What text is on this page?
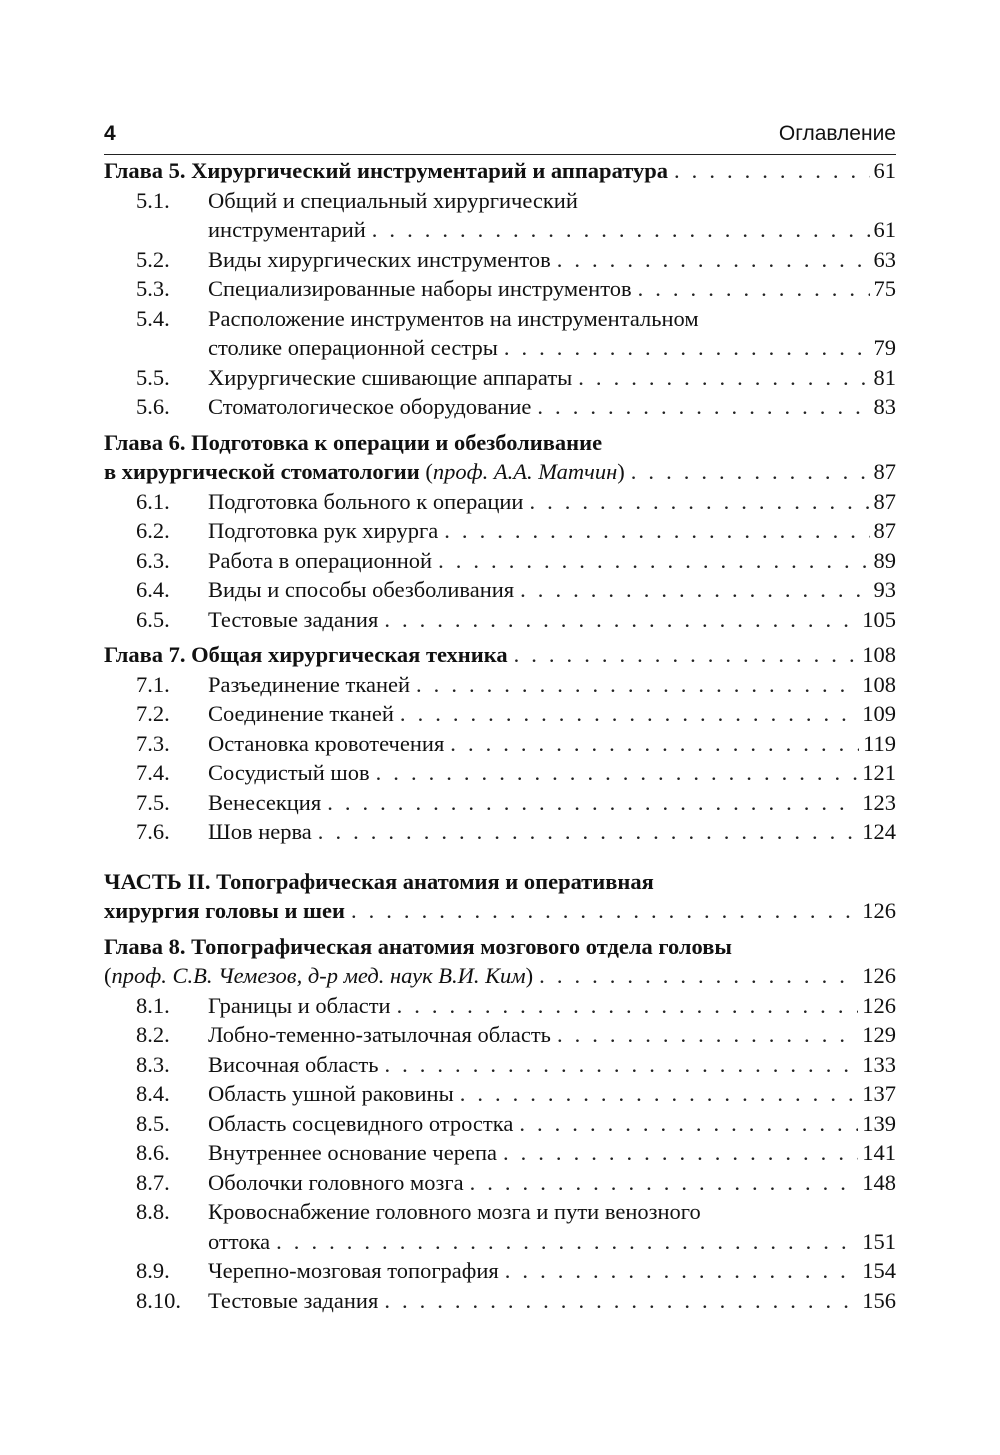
4	Оглавление
Глава 5. Хирургический инструментарий и аппаратура . . .	61
5.1.	Общий и специальный хирургический
инструментарий . . .	61
5.2.	Виды хирургических инструментов . . .	63
5.3.	Специализированные наборы инструментов . . .	75
5.4.	Расположение инструментов на инструментальном
столике операционной сестры . . .	79
5.5.	Хирургические сшивающие аппараты . . .	81
5.6.	Стоматологическое оборудование . . .	83
Глава 6. Подготовка к операции и обезболивание
в хирургической стоматологии ( проф. А.А. Матчин ) . . .	87
6.1.	Подготовка больного к операции . . .	87
6.2.	Подготовка рук хирурга . . .	87
6.3.	Работа в операционной . . .	89
6.4.	Виды и способы обезболивания . . .	93
6.5.	Тестовые задания . . .	105
Глава 7. Общая хирургическая техника . . .	108
7.1.	Разъединение тканей . . .	108
7.2.	Соединение тканей . . .	109
7.3.	Остановка кровотечения . . .	119
7.4.	Сосудистый шов . . .	121
7.5.	Венесекция . . .	123
7.6.	Шов нерва . . .	124
ЧАСТЬ II. Топографическая анатомия и оперативная
хирургия головы и шеи . . .	126
Глава 8. Топографическая анатомия мозгового отдела головы
( проф. С.В. Чемезов, д-р мед. наук В.И. Ким ) . . .	126
8.1.	Границы и области . . .	126
8.2.	Лобно-теменно-затылочная область . . .	129
8.3.	Височная область . . .	133
8.4.	Область ушной раковины . . .	137
8.5.	Область сосцевидного отростка . . .	139
8.6.	Внутреннее основание черепа . . .	141
8.7.	Оболочки головного мозга . . .	148
8.8.	Кровоснабжение головного мозга и пути венозного
оттока . . .	151
8.9.	Черепно-мозговая топография . . .	154
8.10.	Тестовые задания . . .	156
